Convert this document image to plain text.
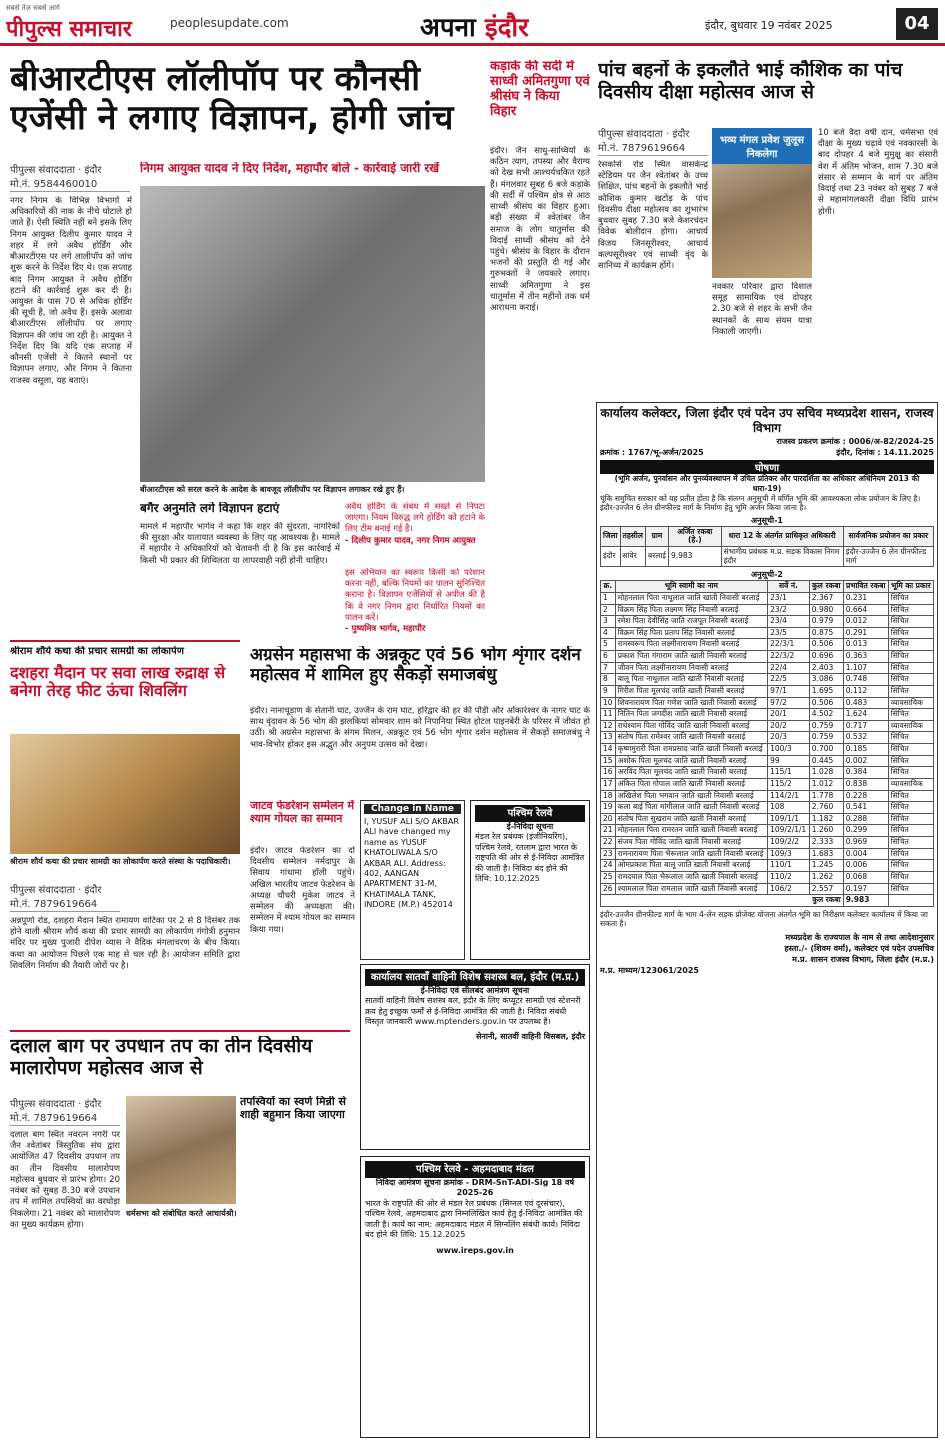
सबसे तेज़ सबसे आगे
पीपुल्स समाचार	peoplesupdate.com	अपना इंदौर	इंदौर, बुधवार 19 नवंबर 2025	04
बीआरटीएस लॉलीपॉप पर कौनसी एजेंसी ने लगाए विज्ञापन, होगी जांच
पीपुल्स संवाददाता · इंदौर
मो.नं. 9584460010
नगर निगम के विभिन्न विभागों में अधिकारियों की नाक के नीचे घोटाले हो जाते हैं। ऐसी स्थिति नहीं बने इसके लिए निगम आयुक्त दिलीप कुमार यादव ने शहर में लगे अवैध होर्डिंग और बीआरटीएस पर लगे लालीपॉप को जांच शुरू करने के निर्देश दिए थे। एक सप्ताह बाद निगम आयुक्त ने अवैध होर्डिंग हटाने की कार्रवाई शुरू कर दी है। आयुक्त के पास 70 से अधिक होर्डिंग की सूची है, जो अवैध हैं। इसके अलावा बीआरटीएस लॉलीपॉप पर लगाए विज्ञापन की जांच जा रही है। आयुक्त ने निर्देश दिए कि यदि एक सप्ताह में कौनसी एजेंसी ने कितने स्थानों पर विज्ञापन लगाए, और निगम ने कितना राजस्व वसूला, यह बताएं।
निगम आयुक्त यादव ने दिए निर्देश, महापौर बोले - कार्रवाई जारी रखें
बीआरटीएस को सरल करने के आदेश के बावजूद लॉलीपॉप पर विज्ञापन लगाकर रखे हुए हैं।
बगैर अनुमति लगे विज्ञापन हटाएं
मामले में महापौर भार्गव ने कहा कि शहर की सुंदरता, नागरिकों की सुरक्षा और यातायात व्यवस्था के लिए यह आवश्यक है। मामले में महापौर ने अधिकारियों को चेतावनी दी है कि इस कार्रवाई में किसी भी प्रकार की शिथिलता या लापरवाही नहीं होनी चाहिए।
अवैध होर्डिंग के संबंध में सख्ते से निपटा जाएगा। नियम विरुद्ध लगे होर्डिंग को हटाने के लिए टीम बनाई गई है।
- दिलीप कुमार यादव, नगर निगम आयुक्त
इस अभियान का स्वरूप किसी को परेशान करना नहीं, बल्कि नियमों का पालन सुनिश्चित कराना है। विज्ञापन एजेंसियों से अपील की है कि वे नगर निगम द्वारा निर्धारित नियमों का पालन करें।
- पुष्यमित्र भार्गव, महापौर
कड़ाके की सर्दी में साध्वी अमितगुणा एवं श्रीसंघ ने किया विहार
इंदौर। जैन साधु-साध्वियों के कठिन त्याग, तपस्या और वैराग्य को देख सभी आश्चर्यचकित रहते हैं। मंगलवार सुबह 6 बजे कड़ाके की सर्दी में पश्चिम क्षेत्र से आठ साध्वी श्रीसंघ का विहार हुआ। बड़ी संख्या में श्वेतांबर जैन समाज के लोग चातुर्मास की विदाई साध्वी श्रीसंघ को देने पहुंचे। श्रीसंघ के विहार के दौरान भजनों की प्रस्तुति दी गई और गुरुभक्तों ने जयकारे लगाए। साध्वी अमितगुणा ने इस चातुर्मास में तीन महीनों तक धर्म आराधना कराई।
पांच बहनों के इकलौते भाई कौशिक का पांच दिवसीय दीक्षा महोत्सव आज से
पीपुल्स संवाददाता · इंदौर
मो.नं. 7879619664
रेसकोर्स रोड स्थित वासकेन्द्र स्टेडियम पर जैन श्वेतांबर के उच्च शिक्षित, पांच बहनों के इकलौते भाई कौशिक कुमार खटोड़ के पांच दिवसीय दीक्षा महोत्सव का शुभारंभ बुधवार सुबह 7.30 बजे केशरचंदन विवेक बोलीदान होगा। आचार्य विजय जिनसूरीश्वर, आचार्य कल्पसूरीश्वर एवं साध्वी वृंद के सानिध्य में कार्यक्रम होंगे।
भव्य मंगल प्रवेश जुलूस निकलेगा
नवकार परिवार द्वारा विशाल समूह सामायिक एवं दोपहर 2.30 बजे से शहर के सभी जैन स्थानकों के साथ संयम यात्रा निकाली जाएगी।
10 बजे वैदा वर्षी दान, धर्मसभा एवं दीक्षा के मुख्य चढ़ावे एवं नवकारसी के बाद दोपहर 4 बजे मुमुक्षु का संसारी वेश में अंतिम भोजन, शाम 7.30 बजे संसार से सम्मान के मार्ग पर अंतिम विदाई तथा 23 नवंबर को सुबह 7 बजे से महामांगलकारी दीक्षा विधि प्रारंभ होगी।
श्रीराम शौर्य कथा की प्रचार सामग्री का लोकार्पण
दशहरा मैदान पर सवा लाख रुद्राक्ष से बनेगा तेरह फीट ऊंचा शिवलिंग
श्रीराम शौर्य कथा की प्रचार सामग्री का लोकार्पण करते संस्था के पदाधिकारी।
पीपुल्स संवाददाता · इंदौर
मो.नं. 7879619664
अन्नपूर्णा रोड, दशहरा मैदान स्थित रामायण वाटिका पर 2 से 8 दिसंबर तक होने वाली श्रीराम शौर्य कथा की प्रचार सामग्री का लोकार्पण गंगोत्री हनुमान मंदिर पर मुख्य पुजारी दीपेश व्यास ने वैदिक मंगलाचरण के बीच किया। कथा का आयोजन पिछले एक माह से चल रही है। आयोजन समिति द्वारा शिवलिंग निर्माण की तैयारी जोरों पर है।
अग्रसेन महासभा के अन्नकूट एवं 56 भोग शृंगार दर्शन महोत्सव में शामिल हुए सैकड़ों समाजबंधु
इंदौर। नानाचूड़ाण के सेतानी घाट, उज्जैन के राम घाट, हरिद्वार की हर की पौड़ी और ओंकारेश्वर के नागर घाट के साथ वृंदावन के 56 भोग की झलकियां सोमवार शाम को निपानिया स्थित होटल पाइनबेरी के परिसर में जीवंत हो उठीं। श्री अग्रसेन महासभा के संगम मिलन, अन्नकूट एवं 56 भोग शृंगार दर्शन महोत्सव में सैकड़ों समाजबंधु ने भाव-विभोर होकर इस अद्भुत और अनुपम उत्सव को देखा।
जाटव फेडरेशन सम्मेलन में श्याम गोयल का सम्मान
इंदौर। जाटव फेडरेशन का दो दिवसीय सम्मेलन नर्मदापुर के सिवाय गांधामा हॉली पहुंचे। अखिल भारतीय जाटव फेडरेशन के अध्यक्ष चौधरी मुकेश जाटव ने सम्मेलन की अध्यक्षता की। सम्मेलन में श्याम गोयल का सम्मान किया गया।
Change in Name
I, YUSUF ALI S/O AKBAR ALI have changed my name as YUSUF KHATOLIWALA S/O AKBAR ALI. Address: 402, AANGAN APARTMENT 31-M, KHATIMALA TANK, INDORE (M.P.) 452014
पश्चिम रेलवे
ई-निविदा सूचना
मंडल रेल प्रबंधक (इंजीनियरिंग), पश्चिम रेलवे, रतलाम द्वारा भारत के राष्ट्रपति की ओर से ई-निविदा आमंत्रित की जाती है। निविदा बंद होने की तिथि: 10.12.2025
कार्यालय सातवाँ वाहिनी विशेष सशस्त्र बल, इंदौर (म.प्र.)
ई-निविदा एवं सीलबंद आमंत्रण सूचना
सातवीं वाहिनी विशेष सशस्त्र बल, इंदौर के लिए कंप्यूटर सामग्री एवं स्टेशनरी क्रय हेतु इच्छुक फर्मों से ई-निविदा आमंत्रित की जाती है। निविदा संबंधी विस्तृत जानकारी www.mptenders.gov.in पर उपलब्ध है।
सेनानी, सातवीं वाहिनी विसबल, इंदौर
दलाल बाग पर उपधान तप का तीन दिवसीय मालारोपण महोत्सव आज से
पीपुल्स संवाददाता · इंदौर
मो.नं. 7879619664
दलाल बाग स्थित नवरत्न नगरी पर जैन श्वेतांबर त्रिस्तुतिक संघ द्वारा आयोजित 47 दिवसीय उपधान तप का तीन दिवसीय मालारोपण महोत्सव बुधवार से प्रारंभ होगा। 20 नवंबर को सुबह 8.30 बजे उपधान तप में शामिल तपस्वियों का वरघोड़ा निकलेगा। 21 नवंबर को मालारोपण का मुख्य कार्यक्रम होगा।
तपस्वियों का स्वर्ण मिन्नी से शाही बहुमान किया जाएगा
धर्मसभा को संबोधित करते आचार्यश्री।
पश्चिम रेलवे - अहमदाबाद मंडल
निविदा आमंत्रण सूचना क्रमांक - DRM-SnT-ADI-Sig 18 वर्ष 2025-26
भारत के राष्ट्रपति की ओर से मंडल रेल प्रबंधक (सिग्नल एवं दूरसंचार), पश्चिम रेलवे, अहमदाबाद द्वारा निम्नलिखित कार्य हेतु ई-निविदा आमंत्रित की जाती है। कार्य का नाम: अहमदाबाद मंडल में सिग्नलिंग संबंधी कार्य। निविदा बंद होने की तिथि: 15.12.2025
www.ireps.gov.in
कार्यालय कलेक्टर, जिला इंदौर एवं पदेन उप सचिव मध्यप्रदेश शासन, राजस्व विभाग
राजस्व प्रकरण क्रमांक : 0006/अ-82/2024-25
क्रमांक : 1767/भू-अर्जन/2025	इंदौर, दिनांक : 14.11.2025
घोषणा
(भूमि अर्जन, पुनर्वासन और पुनर्व्यवस्थापन में उचित प्रतिकर और पारदर्शिता का अधिकार अधिनियम 2013 की धारा-19)
चूंकि समुचित सरकार को यह प्रतीत होता है कि संलग्न अनुसूची में वर्णित भूमि की आवश्यकता लोक प्रयोजन के लिए है। इंदौर-उज्जैन 6 लेन ग्रीनफील्ड मार्ग के निर्माण हेतु भूमि अर्जन किया जाना है।
अनुसूची-1
जिला	तहसील	ग्राम	अर्जित रकबा (हे.)	धारा 12 के अंतर्गत प्राधिकृत अधिकारी	सार्वजनिक प्रयोजन का प्रकार
इंदौर	सांवेर	बरलाई	9.983	संभागीय प्रबंधक म.प्र. सड़क विकास निगम इंदौर	इंदौर-उज्जैन 6 लेन ग्रीनफील्ड मार्ग
अनुसूची-2
क्र.	भूमि स्वामी का नाम	सर्वे नं.	कुल रकबा	प्रभावित रकबा	भूमि का प्रकार
1	मोहनलाल पिता नाथूलाल जाति खाती निवासी बरलाई	23/1	2.367	0.231	सिंचित
2	विक्रम सिंह पिता लक्ष्मण सिंह निवासी बरलाई	23/2	0.980	0.664	सिंचित
3	रमेश पिता देवीसिंह जाति राजपूत निवासी बरलाई	23/4	0.979	0.012	सिंचित
4	विक्रम सिंह पिता प्रताप सिंह निवासी बरलाई	23/5	0.875	0.291	सिंचित
5	रामस्वरूप पिता लक्ष्मीनारायण निवासी बरलाई	22/3/1	0.506	0.013	सिंचित
6	प्रकाश पिता गंगाराम जाति खाती निवासी बरलाई	22/3/2	0.696	0.363	सिंचित
7	जीवन पिता लक्ष्मीनारायण निवासी बरलाई	22/4	2.403	1.107	सिंचित
8	बालू पिता नाथूलाल जाति खाती निवासी बरलाई	22/5	3.086	0.748	सिंचित
9	गिरीश पिता मूलचंद जाति खाती निवासी बरलाई	97/1	1.695	0.112	सिंचित
10	शिवनारायण पिता गणेश जाति खाती निवासी बरलाई	97/2	0.506	0.483	व्यावसायिक
11	नितिन पिता जगदीश जाति खाती निवासी बरलाई	20/1	4.502	1.624	सिंचित
12	राधेश्याम पिता गोविंद जाति खाती निवासी बरलाई	20/2	0.759	0.717	व्यावसायिक
13	संतोष पिता रामेश्वर जाति खाती निवासी बरलाई	20/3	0.759	0.532	सिंचित
14	कृष्णमुरारी पिता रामप्रसाद जाति खाती निवासी बरलाई	100/3	0.700	0.185	सिंचित
15	अशोक पिता मूलचंद जाति खाती निवासी बरलाई	99	0.445	0.002	सिंचित
16	अरविंद पिता मूलचंद जाति खाती निवासी बरलाई	115/1	1.028	0.384	सिंचित
17	अंकित पिता गोपाल जाति खाती निवासी बरलाई	115/2	1.012	0.838	व्यावसायिक
18	अखिलेश पिता भगवान जाति खाती निवासी बरलाई	114/2/1	1.778	0.228	सिंचित
19	कला बाई पिता मांगीलाल जाति खाती निवासी बरलाई	108	2.760	0.541	सिंचित
20	संतोष पिता सुखराम जाति खाती निवासी बरलाई	109/1/1	1.182	0.288	सिंचित
21	मोहनलाल पिता रामरतन जाति खाती निवासी बरलाई	109/2/1/1	1.260	0.299	सिंचित
22	संजय पिता गोविंद जाति खाती निवासी बरलाई	109/2/2	2.333	0.969	सिंचित
23	रामनारायण पिता भैरूलाल जाति खाती निवासी बरलाई	109/3	1.683	0.004	सिंचित
24	ओमप्रकाश पिता बालू जाति खाती निवासी बरलाई	110/1	1.245	0.006	सिंचित
25	रामदयाल पिता भैरूलाल जाति खाती निवासी बरलाई	110/2	1.262	0.068	सिंचित
26	श्यामलाल पिता रामलाल जाति खाती निवासी बरलाई	106/2	2.557	0.197	सिंचित
कुल रकबा				9.983	
इंदौर-उज्जैन ग्रीनफील्ड मार्ग के भाग 4-लेन सड़क प्रोजेक्ट योजना अंतर्गत भूमि का निरीक्षण कलेक्टर कार्यालय में किया जा सकता है।
मध्यप्रदेश के राज्यपाल के नाम से तथा आदेशानुसार
हस्ता./- (शिवम वर्मा), कलेक्टर एवं पदेन उपसचिव
म.प्र. शासन राजस्व विभाग, जिला इंदौर (म.प्र.)
म.प्र. माध्यम/123061/2025
